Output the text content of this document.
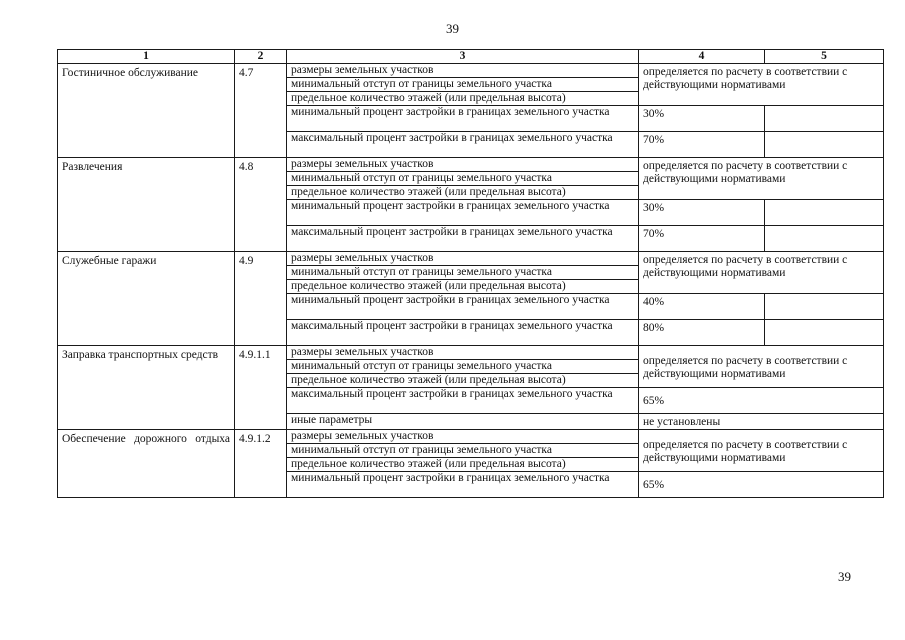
39
1	2	3	4	5
Гостиничное обслуживание	4.7	размеры земельных участков	определяется по расчету в соответствии с действующими нормативами	
		минимальный отступ от границы земельного участка		
		предельное количество этажей (или предельная высота)		
		минимальный процент застройки в границах земельного участка	30%	
		максимальный процент застройки в границах земельного участка	70%	
Развлечения	4.8	размеры земельных участков	определяется по расчету в соответствии с действующими нормативами	
		минимальный отступ от границы земельного участка		
		предельное количество этажей (или предельная высота)		
		минимальный процент застройки в границах земельного участка	30%	
		максимальный процент застройки в границах земельного участка	70%	
Служебные гаражи	4.9	размеры земельных участков	определяется по расчету в соответствии с действующими нормативами	
		минимальный отступ от границы земельного участка		
		предельное количество этажей (или предельная высота)		
		минимальный процент застройки в границах земельного участка	40%	
		максимальный процент застройки в границах земельного участка	80%	
Заправка транспортных средств	4.9.1.1	размеры земельных участков	определяется по расчету в соответствии с действующими нормативами	
		минимальный отступ от границы земельного участка		
		предельное количество этажей (или предельная высота)		
		максимальный процент застройки в границах земельного участка	65%	
		иные параметры	не установлены	
Обеспечение дорожного отдыха	4.9.1.2	размеры земельных участков	определяется по расчету в соответствии с действующими нормативами	
		минимальный отступ от границы земельного участка		
		предельное количество этажей (или предельная высота)		
		минимальный процент застройки в границах земельного участка	65%	
39
